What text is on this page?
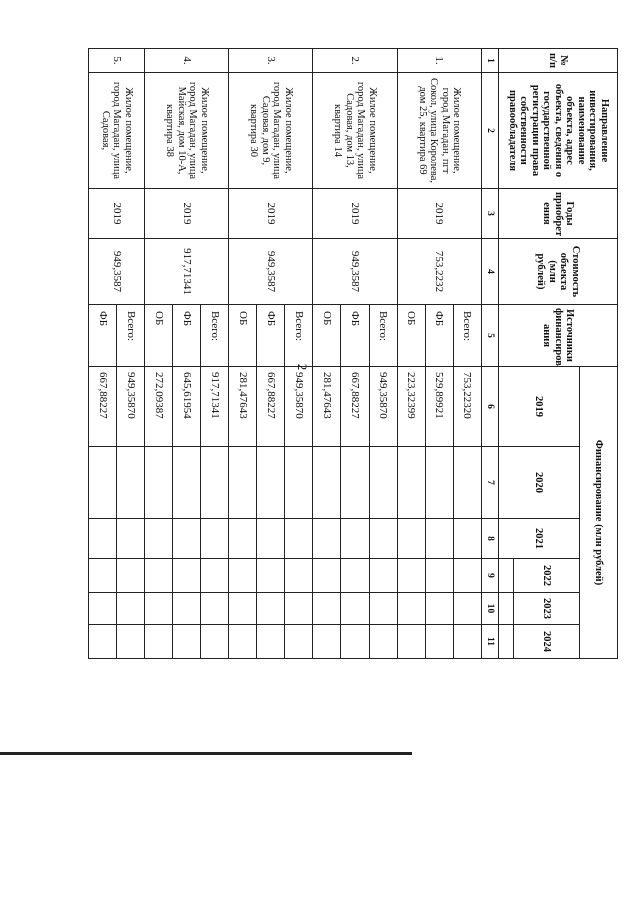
2
№ п/п	Направление инвестирования, наименование объекта, адрес объекта, сведения о государственной регистрации права собственности правообладателя	Годы приобрет ения	Стоимость объекта (млн рублей)	Источники финансиров ания	Финансирование (млн рублей)					
					2019	2020	2021	2022	2023	2024

1	2	3	4	5	6	7	8	9	10	11
1.	Жилое помещение, город Магадан, пгт Сокол, улица Королева, дом 25, квартира 69	2019	753,2232	Всего:	753,22320					
				ФБ	529,89921					
				ОБ	223,32399					
2.	Жилое помещение, город Магадан, улица Садовая, дом 13, квартира 14	2019	949,3587	Всего:	949,35870					
				ФБ	667,88227					
				ОБ	281,47643					
3.	Жилое помещение, город Магадан, улица Садовая, дом 9, квартира 30	2019	949,3587	Всего:	949,35870					
				ФБ	667,88227					
				ОБ	281,47643					
4.	Жилое помещение, город Магадан, улица Майская, дом 10-А, квартира 38	2019	917,71341	Всего:	917,71341					
				ФБ	645,61954					
				ОБ	272,09387					
5.	Жилое помещение, город Магадан, улица Садовая,	2019	949,3587	Всего:	949,35870					
				ФБ	667,88227					
